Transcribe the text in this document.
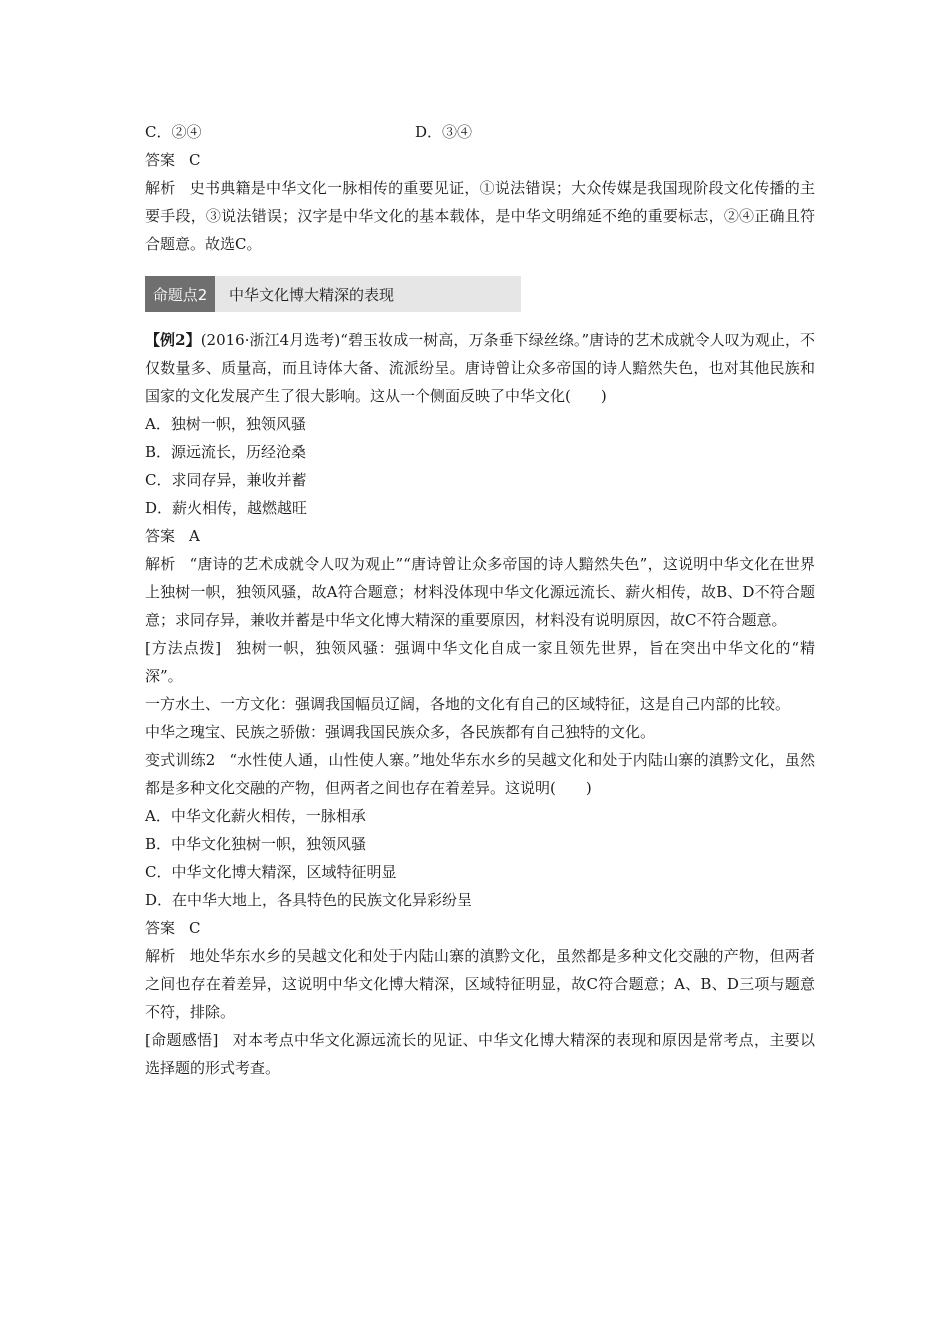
C．②④	D．③④
答案 C
解析 史书典籍是中华文化一脉相传的重要见证，①说法错误；大众传媒是我国现阶段文化传播的主要手段，③说法错误；汉字是中华文化的基本载体，是中华文明绵延不绝的重要标志，②④正确且符合题意。故选C。
命题点2	中华文化博大精深的表现
【例2】(2016·浙江4月选考)“碧玉妆成一树高，万条垂下绿丝绦。”唐诗的艺术成就令人叹为观止，不仅数量多、质量高，而且诗体大备、流派纷呈。唐诗曾让众多帝国的诗人黯然失色，也对其他民族和国家的文化发展产生了很大影响。这从一个侧面反映了中华文化(　　)
A．独树一帜，独领风骚
B．源远流长，历经沧桑
C．求同存异，兼收并蓄
D．薪火相传，越燃越旺
答案 A
解析 “唐诗的艺术成就令人叹为观止”“唐诗曾让众多帝国的诗人黯然失色”，这说明中华文化在世界上独树一帜，独领风骚，故A符合题意；材料没体现中华文化源远流长、薪火相传，故B、D不符合题意；求同存异，兼收并蓄是中华文化博大精深的重要原因，材料没有说明原因，故C不符合题意。
[方法点拨] 独树一帜，独领风骚：强调中华文化自成一家且领先世界，旨在突出中华文化的“精深”。
一方水土、一方文化：强调我国幅员辽阔，各地的文化有自己的区域特征，这是自己内部的比较。
中华之瑰宝、民族之骄傲：强调我国民族众多，各民族都有自己独特的文化。
变式训练2 “水性使人通，山性使人寨。”地处华东水乡的吴越文化和处于内陆山寨的滇黔文化，虽然都是多种文化交融的产物，但两者之间也存在着差异。这说明(　　)
A．中华文化薪火相传，一脉相承
B．中华文化独树一帜，独领风骚
C．中华文化博大精深，区域特征明显
D．在中华大地上，各具特色的民族文化异彩纷呈
答案 C
解析 地处华东水乡的吴越文化和处于内陆山寨的滇黔文化，虽然都是多种文化交融的产物，但两者之间也存在着差异，这说明中华文化博大精深，区域特征明显，故C符合题意；A、B、D三项与题意不符，排除。
[命题感悟] 对本考点中华文化源远流长的见证、中华文化博大精深的表现和原因是常考点，主要以选择题的形式考查。
